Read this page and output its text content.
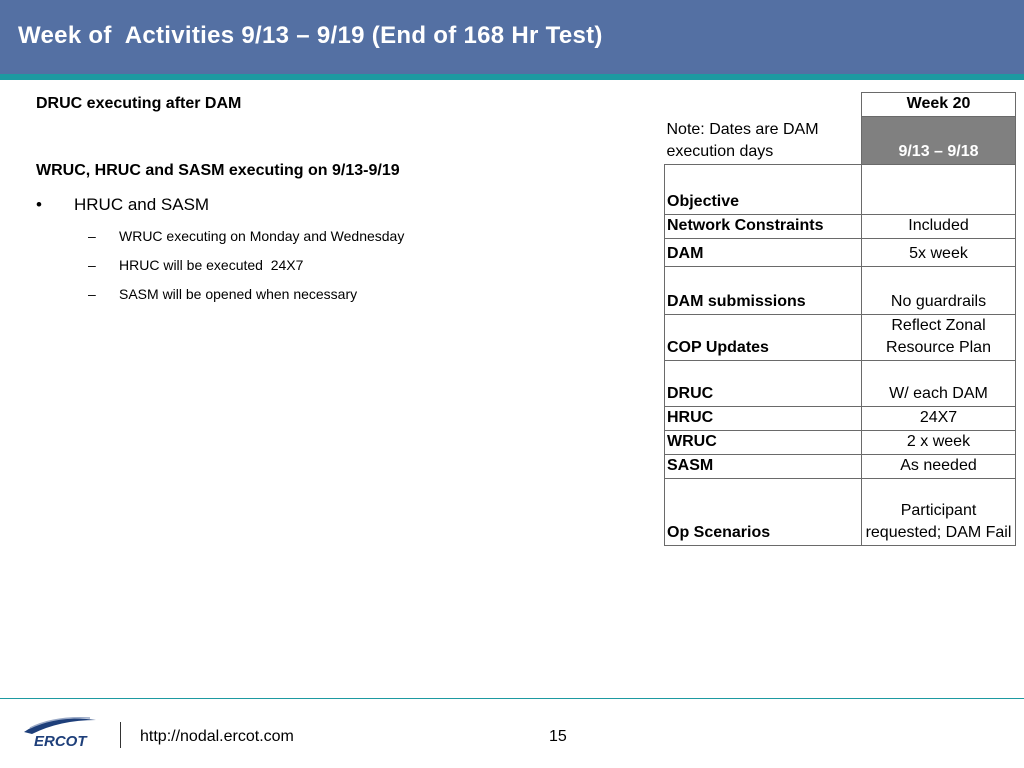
Week of  Activities 9/13 – 9/19 (End of 168 Hr Test)
DRUC executing after DAM
WRUC, HRUC and SASM executing on 9/13-9/19
• HRUC and SASM
– WRUC executing on Monday and Wednesday
– HRUC will be executed  24X7
– SASM will be opened when necessary
	Week 20
Note: Dates are DAM execution days	9/13 – 9/18
Objective	
Network Constraints	Included
DAM	5x week
DAM submissions	No guardrails
COP Updates	Reflect Zonal Resource Plan
DRUC	W/ each DAM
HRUC	24X7
WRUC	2 x week
SASM	As needed
Op Scenarios	Participant requested; DAM Fail
ERCOT	http://nodal.ercot.com	15
